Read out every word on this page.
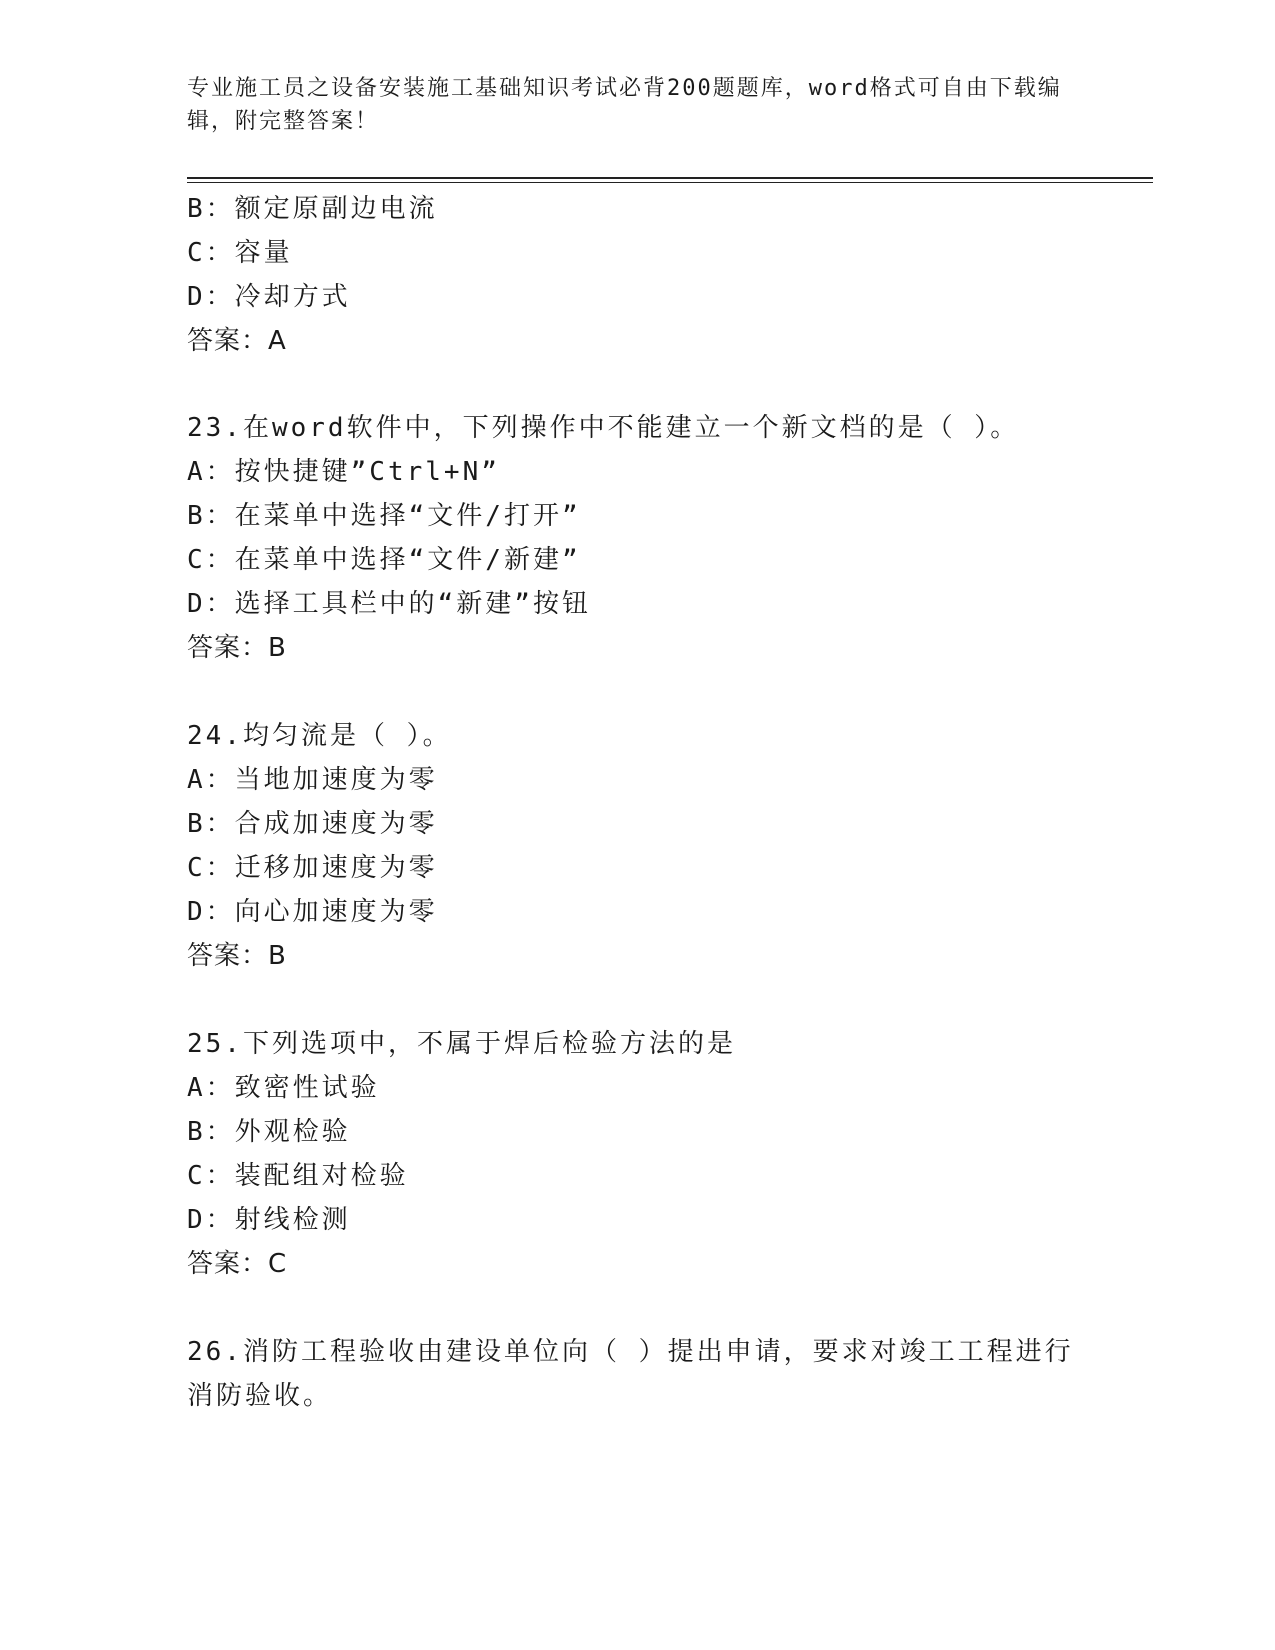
专业施工员之设备安装施工基础知识考试必背200题题库，word格式可自由下载编辑，附完整答案！
B：额定原副边电流
C：容量
D：冷却方式
答案：A
23.在word软件中，下列操作中不能建立一个新文档的是（ ）。
A：按快捷键”Ctrl+N”
B：在菜单中选择“文件/打开”
C：在菜单中选择“文件/新建”
D：选择工具栏中的“新建”按钮
答案：B
24.均匀流是（ ）。
A：当地加速度为零
B：合成加速度为零
C：迁移加速度为零
D：向心加速度为零
答案：B
25.下列选项中，不属于焊后检验方法的是
A：致密性试验
B：外观检验
C：装配组对检验
D：射线检测
答案：C
26.消防工程验收由建设单位向（ ）提出申请，要求对竣工工程进行
消防验收。
